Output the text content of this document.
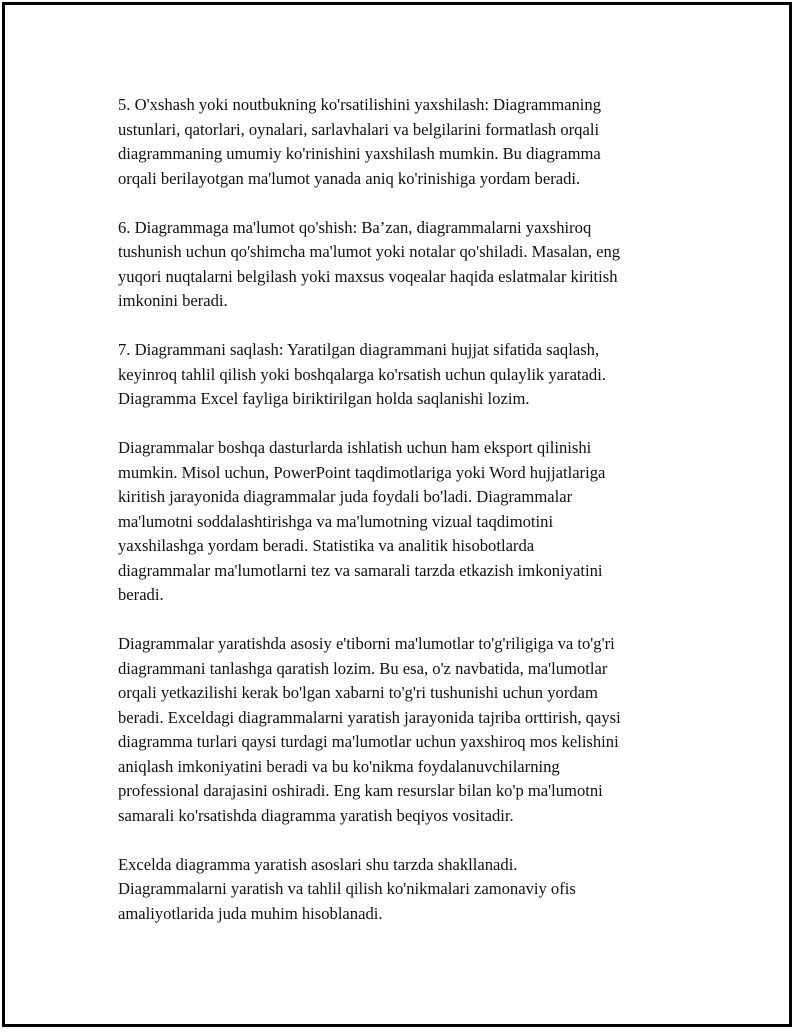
5. O'xshash yoki noutbukning ko'rsatilishini yaxshilash: Diagrammaning
ustunlari, qatorlari, oynalari, sarlavhalari va belgilarini formatlash orqali
diagrammaning umumiy ko'rinishini yaxshilash mumkin. Bu diagramma
orqali berilayotgan ma'lumot yanada aniq ko'rinishiga yordam beradi.

6. Diagrammaga ma'lumot qo'shish: Ba’zan, diagrammalarni yaxshiroq
tushunish uchun qo'shimcha ma'lumot yoki notalar qo'shiladi. Masalan, eng
yuqori nuqtalarni belgilash yoki maxsus voqealar haqida eslatmalar kiritish
imkonini beradi.

7. Diagrammani saqlash: Yaratilgan diagrammani hujjat sifatida saqlash,
keyinroq tahlil qilish yoki boshqalarga ko'rsatish uchun qulaylik yaratadi.
Diagramma Excel fayliga biriktirilgan holda saqlanishi lozim.

Diagrammalar boshqa dasturlarda ishlatish uchun ham eksport qilinishi
mumkin. Misol uchun, PowerPoint taqdimotlariga yoki Word hujjatlariga
kiritish jarayonida diagrammalar juda foydali bo'ladi. Diagrammalar
ma'lumotni soddalashtirishga va ma'lumotning vizual taqdimotini
yaxshilashga yordam beradi. Statistika va analitik hisobotlarda
diagrammalar ma'lumotlarni tez va samarali tarzda etkazish imkoniyatini
beradi.

Diagrammalar yaratishda asosiy e'tiborni ma'lumotlar to'g'riligiga va to'g'ri
diagrammani tanlashga qaratish lozim. Bu esa, o'z navbatida, ma'lumotlar
orqali yetkazilishi kerak bo'lgan xabarni to'g'ri tushunishi uchun yordam
beradi. Exceldagi diagrammalarni yaratish jarayonida tajriba orttirish, qaysi
diagramma turlari qaysi turdagi ma'lumotlar uchun yaxshiroq mos kelishini
aniqlash imkoniyatini beradi va bu ko'nikma foydalanuvchilarning
professional darajasini oshiradi. Eng kam resurslar bilan ko'p ma'lumotni
samarali ko'rsatishda diagramma yaratish beqiyos vositadir.

Excelda diagramma yaratish asoslari shu tarzda shakllanadi.
Diagrammalarni yaratish va tahlil qilish ko'nikmalari zamonaviy ofis
amaliyotlarida juda muhim hisoblanadi.
